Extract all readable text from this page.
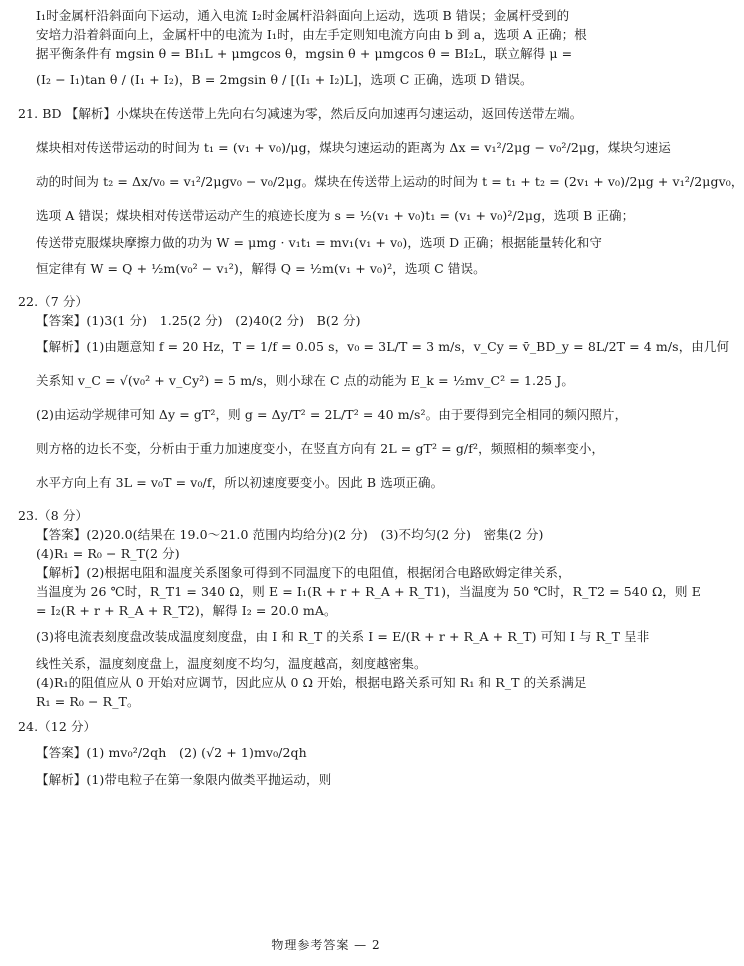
I₁时金属杆沿斜面向下运动，通入电流 I₂时金属杆沿斜面向上运动，选项 B 错误；金属杆受到的
安培力沿着斜面向上，金属杆中的电流为 I₁时，由左手定则知电流方向由 b 到 a，选项 A 正确；根
据平衡条件有 mgsin θ = BI₁L + μmgcos θ，mgsin θ + μmgcos θ = BI₂L，联立解得 μ =
(I₂ − I₁)tan θ / (I₁ + I₂)，B = 2mgsin θ / [(I₁ + I₂)L]，选项 C 正确，选项 D 错误。
21. BD 【解析】小煤块在传送带上先向右匀减速为零，然后反向加速再匀速运动，返回传送带左端。
煤块相对传送带运动的时间为 t₁ = (v₁ + v₀)/μg，煤块匀速运动的距离为 Δx = v₁²/2μg − v₀²/2μg，煤块匀速运
动的时间为 t₂ = Δx/v₀ = v₁²/2μgv₀ − v₀/2μg。煤块在传送带上运动的时间为 t = t₁ + t₂ = (2v₁ + v₀)/2μg + v₁²/2μgv₀，
选项 A 错误；煤块相对传送带运动产生的痕迹长度为 s = ½(v₁ + v₀)t₁ = (v₁ + v₀)²/2μg，选项 B 正确；
传送带克服煤块摩擦力做的功为 W = μmg · v₁t₁ = mv₁(v₁ + v₀)，选项 D 正确；根据能量转化和守
恒定律有 W = Q + ½m(v₀² − v₁²)，解得 Q = ½m(v₁ + v₀)²，选项 C 错误。
22.（7 分）
【答案】(1)3(1 分)　1.25(2 分)　(2)40(2 分)　B(2 分)
【解析】(1)由题意知 f = 20 Hz，T = 1/f = 0.05 s，v₀ = 3L/T = 3 m/s，v_Cy = v̄_BD_y = 8L/2T = 4 m/s，由几何
关系知 v_C = √(v₀² + v_Cy²) = 5 m/s，则小球在 C 点的动能为 E_k = ½mv_C² = 1.25 J。
(2)由运动学规律可知 Δy = gT²，则 g = Δy/T² = 2L/T² = 40 m/s²。由于要得到完全相同的频闪照片，
则方格的边长不变，分析由于重力加速度变小，在竖直方向有 2L = gT² = g/f²，频照相的频率变小，
水平方向上有 3L = v₀T = v₀/f，所以初速度要变小。因此 B 选项正确。
23.（8 分）
【答案】(2)20.0(结果在 19.0～21.0 范围内均给分)(2 分)　(3)不均匀(2 分)　密集(2 分)
(4)R₁ = R₀ − R_T(2 分)
【解析】(2)根据电阻和温度关系图象可得到不同温度下的电阻值，根据闭合电路欧姆定律关系，
当温度为 26 ℃时，R_T1 = 340 Ω，则 E = I₁(R + r + R_A + R_T1)，当温度为 50 ℃时，R_T2 = 540 Ω，则 E
= I₂(R + r + R_A + R_T2)，解得 I₂ = 20.0 mA。
(3)将电流表刻度盘改装成温度刻度盘，由 I 和 R_T 的关系 I = E/(R + r + R_A + R_T) 可知 I 与 R_T 呈非
线性关系，温度刻度盘上，温度刻度不均匀，温度越高，刻度越密集。
(4)R₁的阻值应从 0 开始对应调节，因此应从 0 Ω 开始，根据电路关系可知 R₁ 和 R_T 的关系满足
R₁ = R₀ − R_T。
24.（12 分）
【答案】(1) mv₀²/2qh　(2) (√2 + 1)mv₀/2qh
【解析】(1)带电粒子在第一象限内做类平抛运动，则
物理参考答案 — 2
